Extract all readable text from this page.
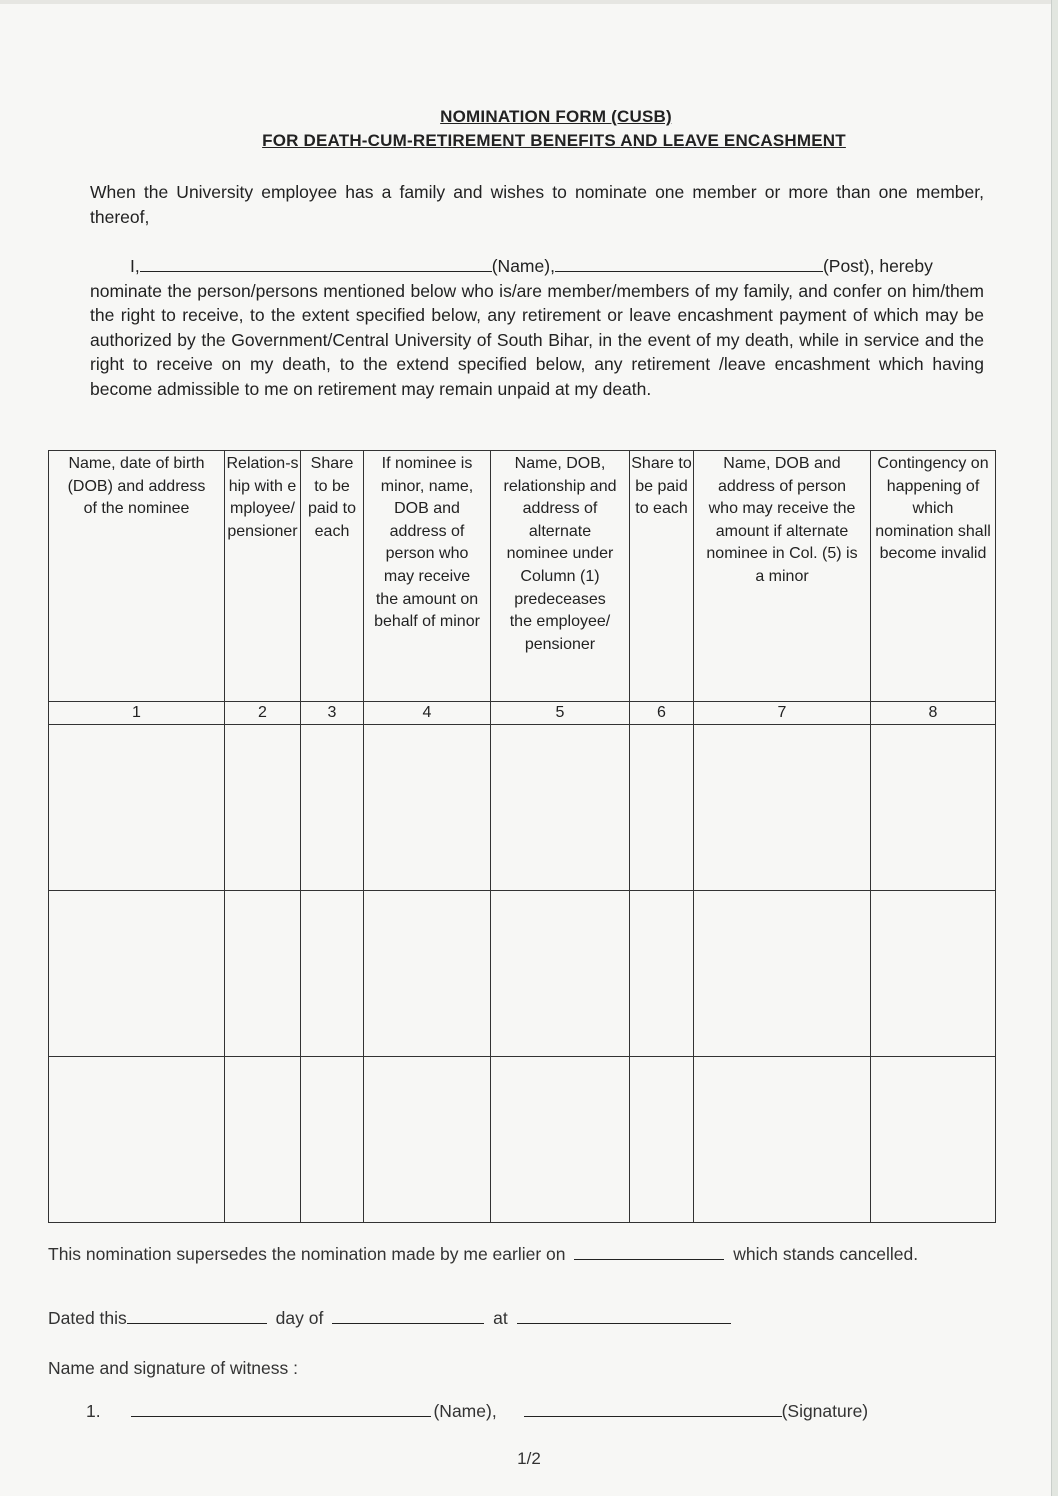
NOMINATION FORM (CUSB)
FOR DEATH-CUM-RETIREMENT BENEFITS AND LEAVE ENCASHMENT
When the University employee has a family and wishes to nominate one member or more than one member, thereof,
I,	(Name),	(Post), hereby
nominate the person/persons mentioned below who is/are member/members of my family, and confer on him/them the right to receive, to the extent specified below, any retirement or leave encashment payment of which may be authorized by the Government/Central University of South Bihar, in the event of my death, while in service and the right to receive on my death, to the extend specified below, any retirement /leave encashment which having become admissible to me on retirement may remain unpaid at my death.
Name, date of birth (DOB) and address of the nominee	Relation-ship with employee/pensioner	Share to be paid to each	If nominee is minor, name, DOB and address of person who may receive the amount on behalf of minor	Name, DOB, relationship and address of alternate nominee under Column (1) predeceases the employee/ pensioner	Share to be paid to each	Name, DOB and address of person who may receive the amount if alternate nominee in Col. (5) is a minor	Contingency on happening of which nomination shall become invalid
1	2	3	4	5	6	7	8

This nomination supersedes the nomination made by me earlier on	which stands cancelled.
Dated this	day of	at
Name and signature of witness :
1.	(Name),	(Signature)
1/2
